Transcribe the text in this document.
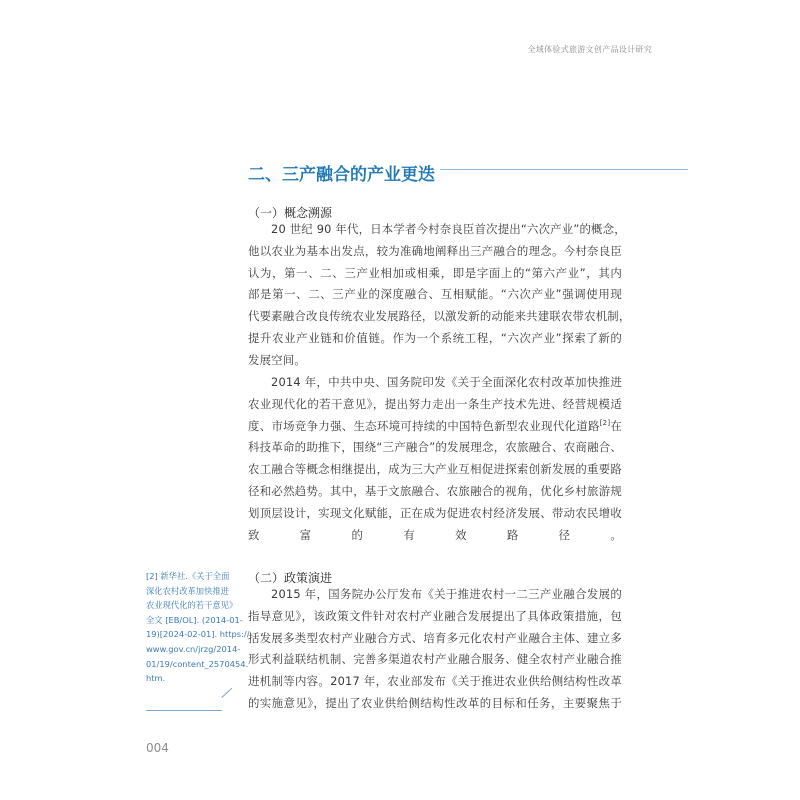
全域体验式旅游文创产品设计研究
二、三产融合的产业更迭
（一）概念溯源
20 世纪 90 年代，日本学者今村奈良臣首次提出“六次产业”的概念，
他以农业为基本出发点，较为准确地阐释出三产融合的理念。今村奈良臣
认为，第一、二、三产业相加或相乘，即是字面上的“第六产业”，其内
部是第一、二、三产业的深度融合、互相赋能。“六次产业”强调使用现
代要素融合改良传统农业发展路径，以激发新的动能来共建联农带农机制，
提升农业产业链和价值链。作为一个系统工程，“六次产业”探索了新的
发展空间。
2014 年，中共中央、国务院印发《关于全面深化农村改革加快推进
农业现代化的若干意见》，提出努力走出一条生产技术先进、经营规模适
度、市场竞争力强、生态环境可持续的中国特色新型农业现代化道路[2]在
科技革命的助推下，围绕“三产融合”的发展理念，农旅融合、农商融合、
农工融合等概念相继提出，成为三大产业互相促进探索创新发展的重要路
径和必然趋势。其中，基于文旅融合、农旅融合的视角，优化乡村旅游规
划顶层设计，实现文化赋能，正在成为促进农村经济发展、带动农民增收
致富的有效路径。
（二）政策演进
2015 年，国务院办公厅发布《关于推进农村一二三产业融合发展的
指导意见》，该政策文件针对农村产业融合发展提出了具体政策措施，包
括发展多类型农村产业融合方式、培育多元化农村产业融合主体、建立多
形式利益联结机制、完善多渠道农村产业融合服务、健全农村产业融合推
进机制等内容。2017 年，农业部发布《关于推进农业供给侧结构性改革
的实施意见》，提出了农业供给侧结构性改革的目标和任务，主要聚焦于
[2] 新华社.《关于全面
深化农村改革加快推进
农业现代化的若干意见》
全文 [EB/OL]. (2014-01-
19)[2024-02-01]. https://
www.gov.cn/jrzg/2014-
01/19/content_2570454.
htm.
004
